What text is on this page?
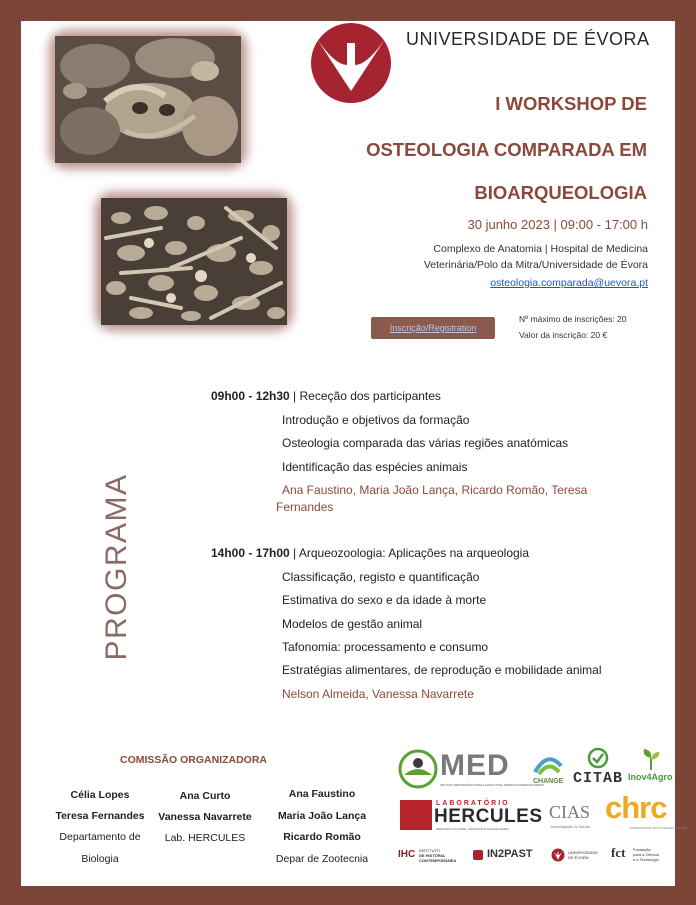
UNIVERSIDADE DE ÉVORA
I WORKSHOP DE
OSTEOLOGIA COMPARADA EM
BIOARQUEOLOGIA
30 junho 2023 | 09:00 - 17:00 h
Complexo de Anatomia | Hospital de Medicina
Veterinária/Polo da Mitra/Universidade de Évora
osteologia.comparada@uevora.pt
Inscrição/Registration
Nº máximo de inscrições: 20
Valor da inscrição: 20 €
PROGRAMA
09h00 - 12h30 | Receção dos participantes
Introdução e objetivos da formação
Osteologia comparada das várias regiões anatómicas
Identificação das espécies animais
Ana Faustino, Maria João Lança, Ricardo Romão, Teresa
Fernandes
14h00 - 17h00 | Arqueozoologia: Aplicações na arqueologia
Classificação, registo e quantificação
Estimativa do sexo e da idade à morte
Modelos de gestão animal
Tafonomia: processamento e consumo
Estratégias alimentares, de reprodução e mobilidade animal
Nelson Almeida, Vanessa Navarrete
COMISSÃO ORGANIZADORA
Célia Lopes
Teresa Fernandes
Departamento de
Biologia
Ana Curto
Vanessa Navarrete
Lab. HERCULES
Ana Faustino
Maria João Lança
Ricardo Romão
Depar de Zootecnia
MED
INSTITUTO MEDITERRÂNICO PARA A AGRICULTURA, AMBIENTE E DESENVOLVIMENTO
CHANGE CITAB Inov4Agro
LABORATÓRIO
HERCULES
HERANÇA CULTURAL, ESTUDOS E SALVAGUARDA
CIAS
Investigação & Saúde
chrc
COMPREHENSIVE HEALTH RESEARCH CENTRE
IHC INSTITUTO
DE HISTÓRIA
CONTEMPORÂNEA
IN2PAST	UNIVERSIDADE
DE ÉVORA fct Fundação
para a Ciência
e a Tecnologia
